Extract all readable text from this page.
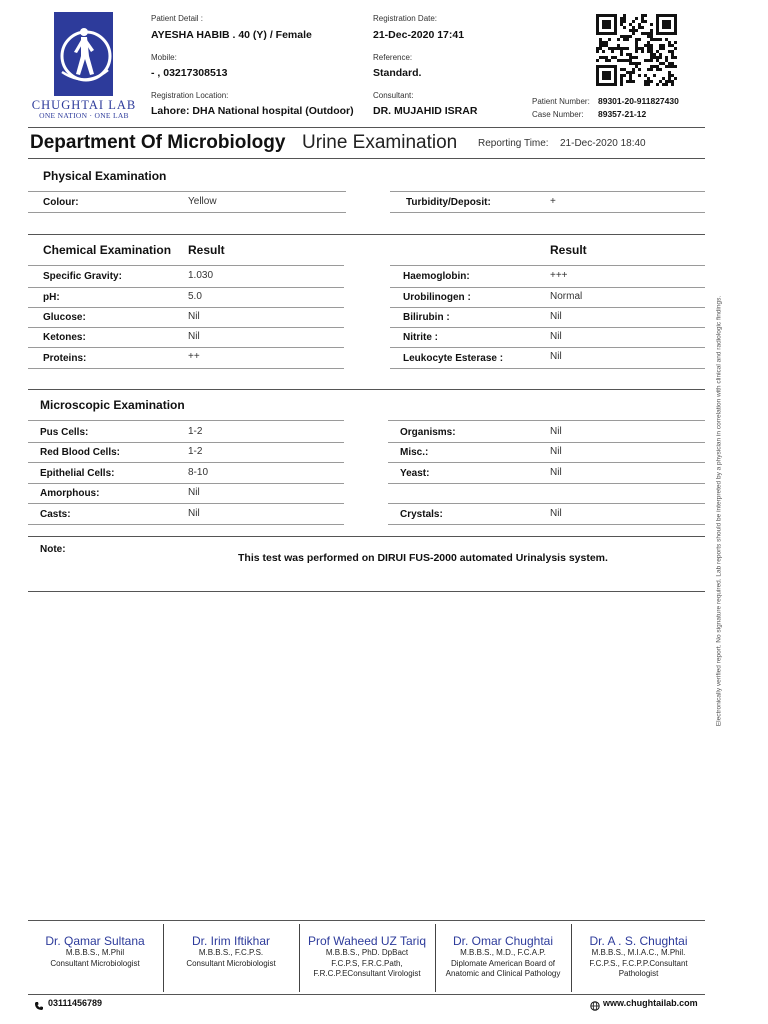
CHUGHTAI LAB
ONE NATION · ONE LAB
Patient Detail :
AYESHA HABIB . 40 (Y) / Female
Mobile:
- , 03217308513
Registration Location:
Lahore: DHA National hospital (Outdoor)
Registration Date:
21-Dec-2020 17:41
Reference:
Standard.
Consultant:
DR. MUJAHID ISRAR
Patient Number: 89301-20-911827430
Case Number: 89357-21-12
Department Of Microbiology Urine Examination Reporting Time: 21-Dec-2020 18:40
Physical Examination
Colour:	Yellow	Turbidity/Deposit:	+
Chemical Examination Result	Result
Specific Gravity:	1.030
pH:	5.0
Glucose:	Nil
Ketones:	Nil
Proteins:	++
Haemoglobin:	+++
Urobilinogen :	Normal
Bilirubin :	Nil
Nitrite :	Nil
Leukocyte Esterase :	Nil
Microscopic Examination
Pus Cells:	1-2
Red Blood Cells:	1-2
Epithelial Cells:	8-10
Amorphous:	Nil
Casts:	Nil
Organisms:	Nil
Misc.:	Nil
Yeast:	Nil
Crystals:	Nil
Note:
This test was performed on DIRUI FUS-2000 automated Urinalysis system.	Electronically verified report. No signature required. Lab reports should be interpreted by a physician in correlation with clinical and radiologic findings.
Dr. Qamar Sultana
M.B.B.S., M.Phil
Consultant Microbiologist
Dr. Irim Iftikhar
M.B.B.S., F.C.P.S.
Consultant Microbiologist
Prof Waheed UZ Tariq
M.B.B.S., PhD. DpBact
F.C.P.S, F.R.C.Path,
F.R.C.P.EConsultant Virologist
Dr. Omar Chughtai
M.B.B.S., M.D., F.C.A.P.
Diplomate American Board of
Anatomic and Clinical Pathology
Dr. A . S. Chughtai
M.B.B.S., M.I.A.C., M.Phil.
F.C.P.S., F.C.P.P.Consultant
Pathologist
03111456789	www.chughtailab.com
